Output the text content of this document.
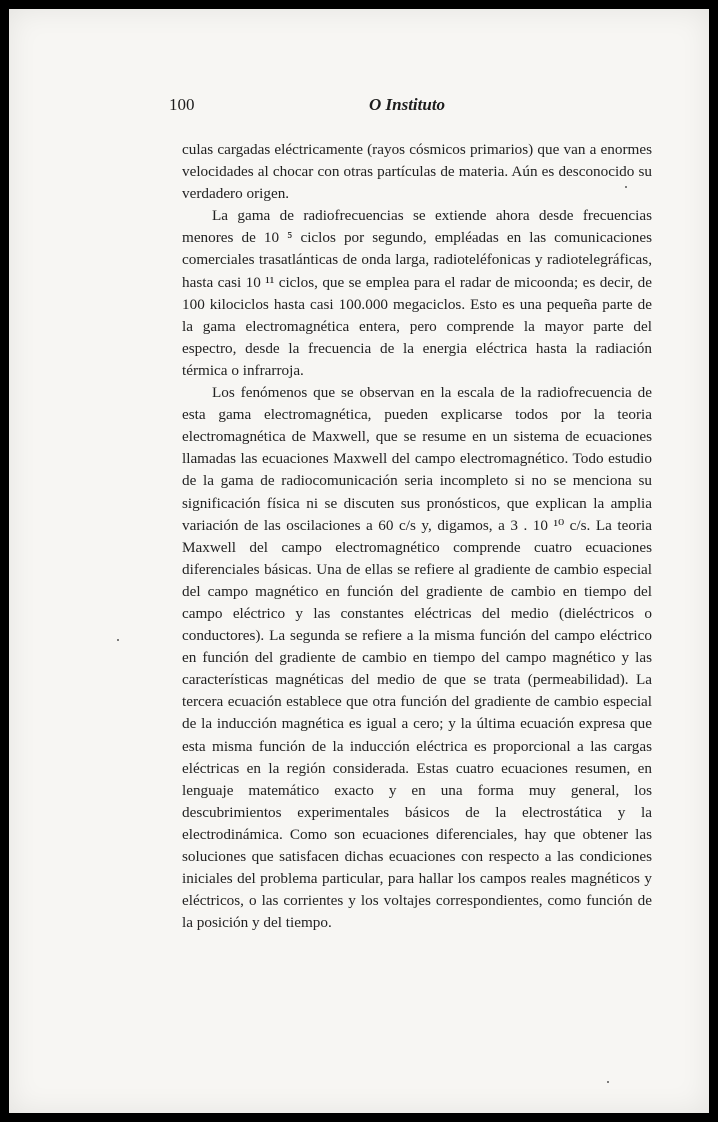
100	O Instituto

culas cargadas eléctricamente (rayos cósmicos primarios) que van a enormes velocidades al chocar con otras partículas de materia. Aún es desconocido su verdadero origen.

La gama de radiofrecuencias se extiende ahora desde frecuencias menores de 10 ⁵ ciclos por segundo, empléadas en las comunicaciones comerciales trasatlánticas de onda larga, radioteléfonicas y radiotelegráficas, hasta casi 10 ¹¹ ciclos, que se emplea para el radar de micoonda; es decir, de 100 kilociclos hasta casi 100.000 megaciclos. Esto es una pequeña parte de la gama electromagnética entera, pero comprende la mayor parte del espectro, desde la frecuencia de la energia eléctrica hasta la radiación térmica o infrarroja.

Los fenómenos que se observan en la escala de la radiofrecuencia de esta gama electromagnética, pueden explicarse todos por la teoria electromagnética de Maxwell, que se resume en un sistema de ecuaciones llamadas las ecuaciones Maxwell del campo electromagnético. Todo estudio de la gama de radiocomunicación seria incompleto si no se menciona su significación física ni se discuten sus pronósticos, que explican la amplia variación de las oscilaciones a 60 c/s y, digamos, a 3 . 10 ¹⁰ c/s. La teoria Maxwell del campo electromagnético comprende cuatro ecuaciones diferenciales básicas. Una de ellas se refiere al gradiente de cambio especial del campo magnético en función del gradiente de cambio en tiempo del campo eléctrico y las constantes eléctricas del medio (dieléctricos o conductores). La segunda se refiere a la misma función del campo eléctrico en función del gradiente de cambio en tiempo del campo magnético y las características magnéticas del medio de que se trata (permeabilidad). La tercera ecuación establece que otra función del gradiente de cambio especial de la inducción magnética es igual a cero; y la última ecuación expresa que esta misma función de la inducción eléctrica es proporcional a las cargas eléctricas en la región considerada. Estas cuatro ecuaciones resumen, en lenguaje matemático exacto y en una forma muy general, los descubrimientos experimentales básicos de la electrostática y la electrodinámica. Como son ecuaciones diferenciales, hay que obtener las soluciones que satisfacen dichas ecuaciones con respecto a las condiciones iniciales del problema particular, para hallar los campos reales magnéticos y eléctricos, o las corrientes y los voltajes correspondientes, como función de la posición y del tiempo.
